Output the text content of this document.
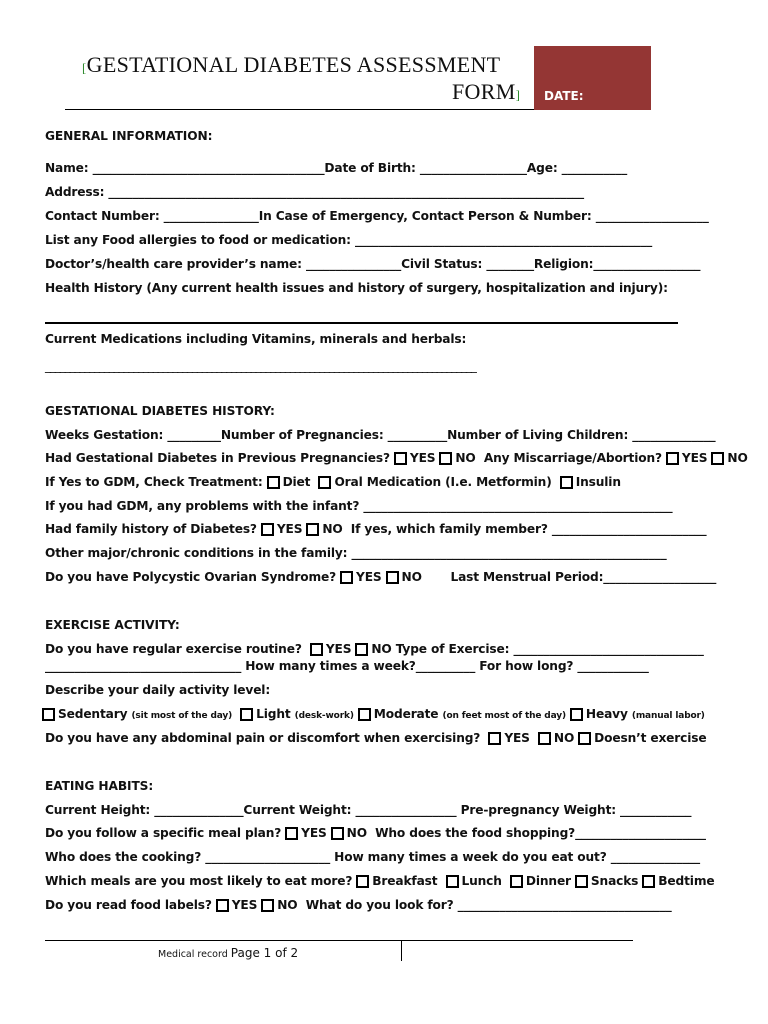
[GESTATIONAL DIABETES ASSESSMENT
FORM] DATE:
GENERAL INFORMATION:
Name: _______________________________________Date of Birth: __________________Age: ___________
Address: ________________________________________________________________________________
Contact Number: ________________In Case of Emergency, Contact Person & Number: ___________________
List any Food allergies to food or medication: __________________________________________________
Doctor’s/health care provider’s name: ________________Civil Status: ________Religion:__________________
Health History (Any current health issues and history of surgery, hospitalization and injury):
Current Medications including Vitamins, minerals and herbals:
________________________________________________________________________________________
GESTATIONAL DIABETES HISTORY:
Weeks Gestation: _________Number of Pregnancies: __________Number of Living Children: ______________
Had Gestational Diabetes in Previous Pregnancies? YES NO Any Miscarriage/Abortion? YES NO
If Yes to GDM, Check Treatment: Diet Oral Medication (I.e. Metformin) Insulin
If you had GDM, any problems with the infant? ____________________________________________________
Had family history of Diabetes? YES NO If yes, which family member? __________________________
Other major/chronic conditions in the family: _____________________________________________________
Do you have Polycystic Ovarian Syndrome? YES NO Last Menstrual Period:___________________
EXERCISE ACTIVITY:
Do you have regular exercise routine? YES NO Type of Exercise: ________________________________
_________________________________ How many times a week?__________ For how long? ____________
Describe your daily activity level:
Sedentary (sit most of the day) Light (desk-work) Moderate (on feet most of the day) Heavy (manual labor)
Do you have any abdominal pain or discomfort when exercising? YES NO Doesn’t exercise
EATING HABITS:
Current Height: _______________Current Weight: _________________ Pre-pregnancy Weight: ____________
Do you follow a specific meal plan? YES NO Who does the food shopping?______________________
Who does the cooking? _____________________ How many times a week do you eat out? _______________
Which meals are you most likely to eat more? Breakfast Lunch Dinner Snacks Bedtime
Do you read food labels? YES NO What do you look for? ____________________________________
Medical record Page 1 of 2
